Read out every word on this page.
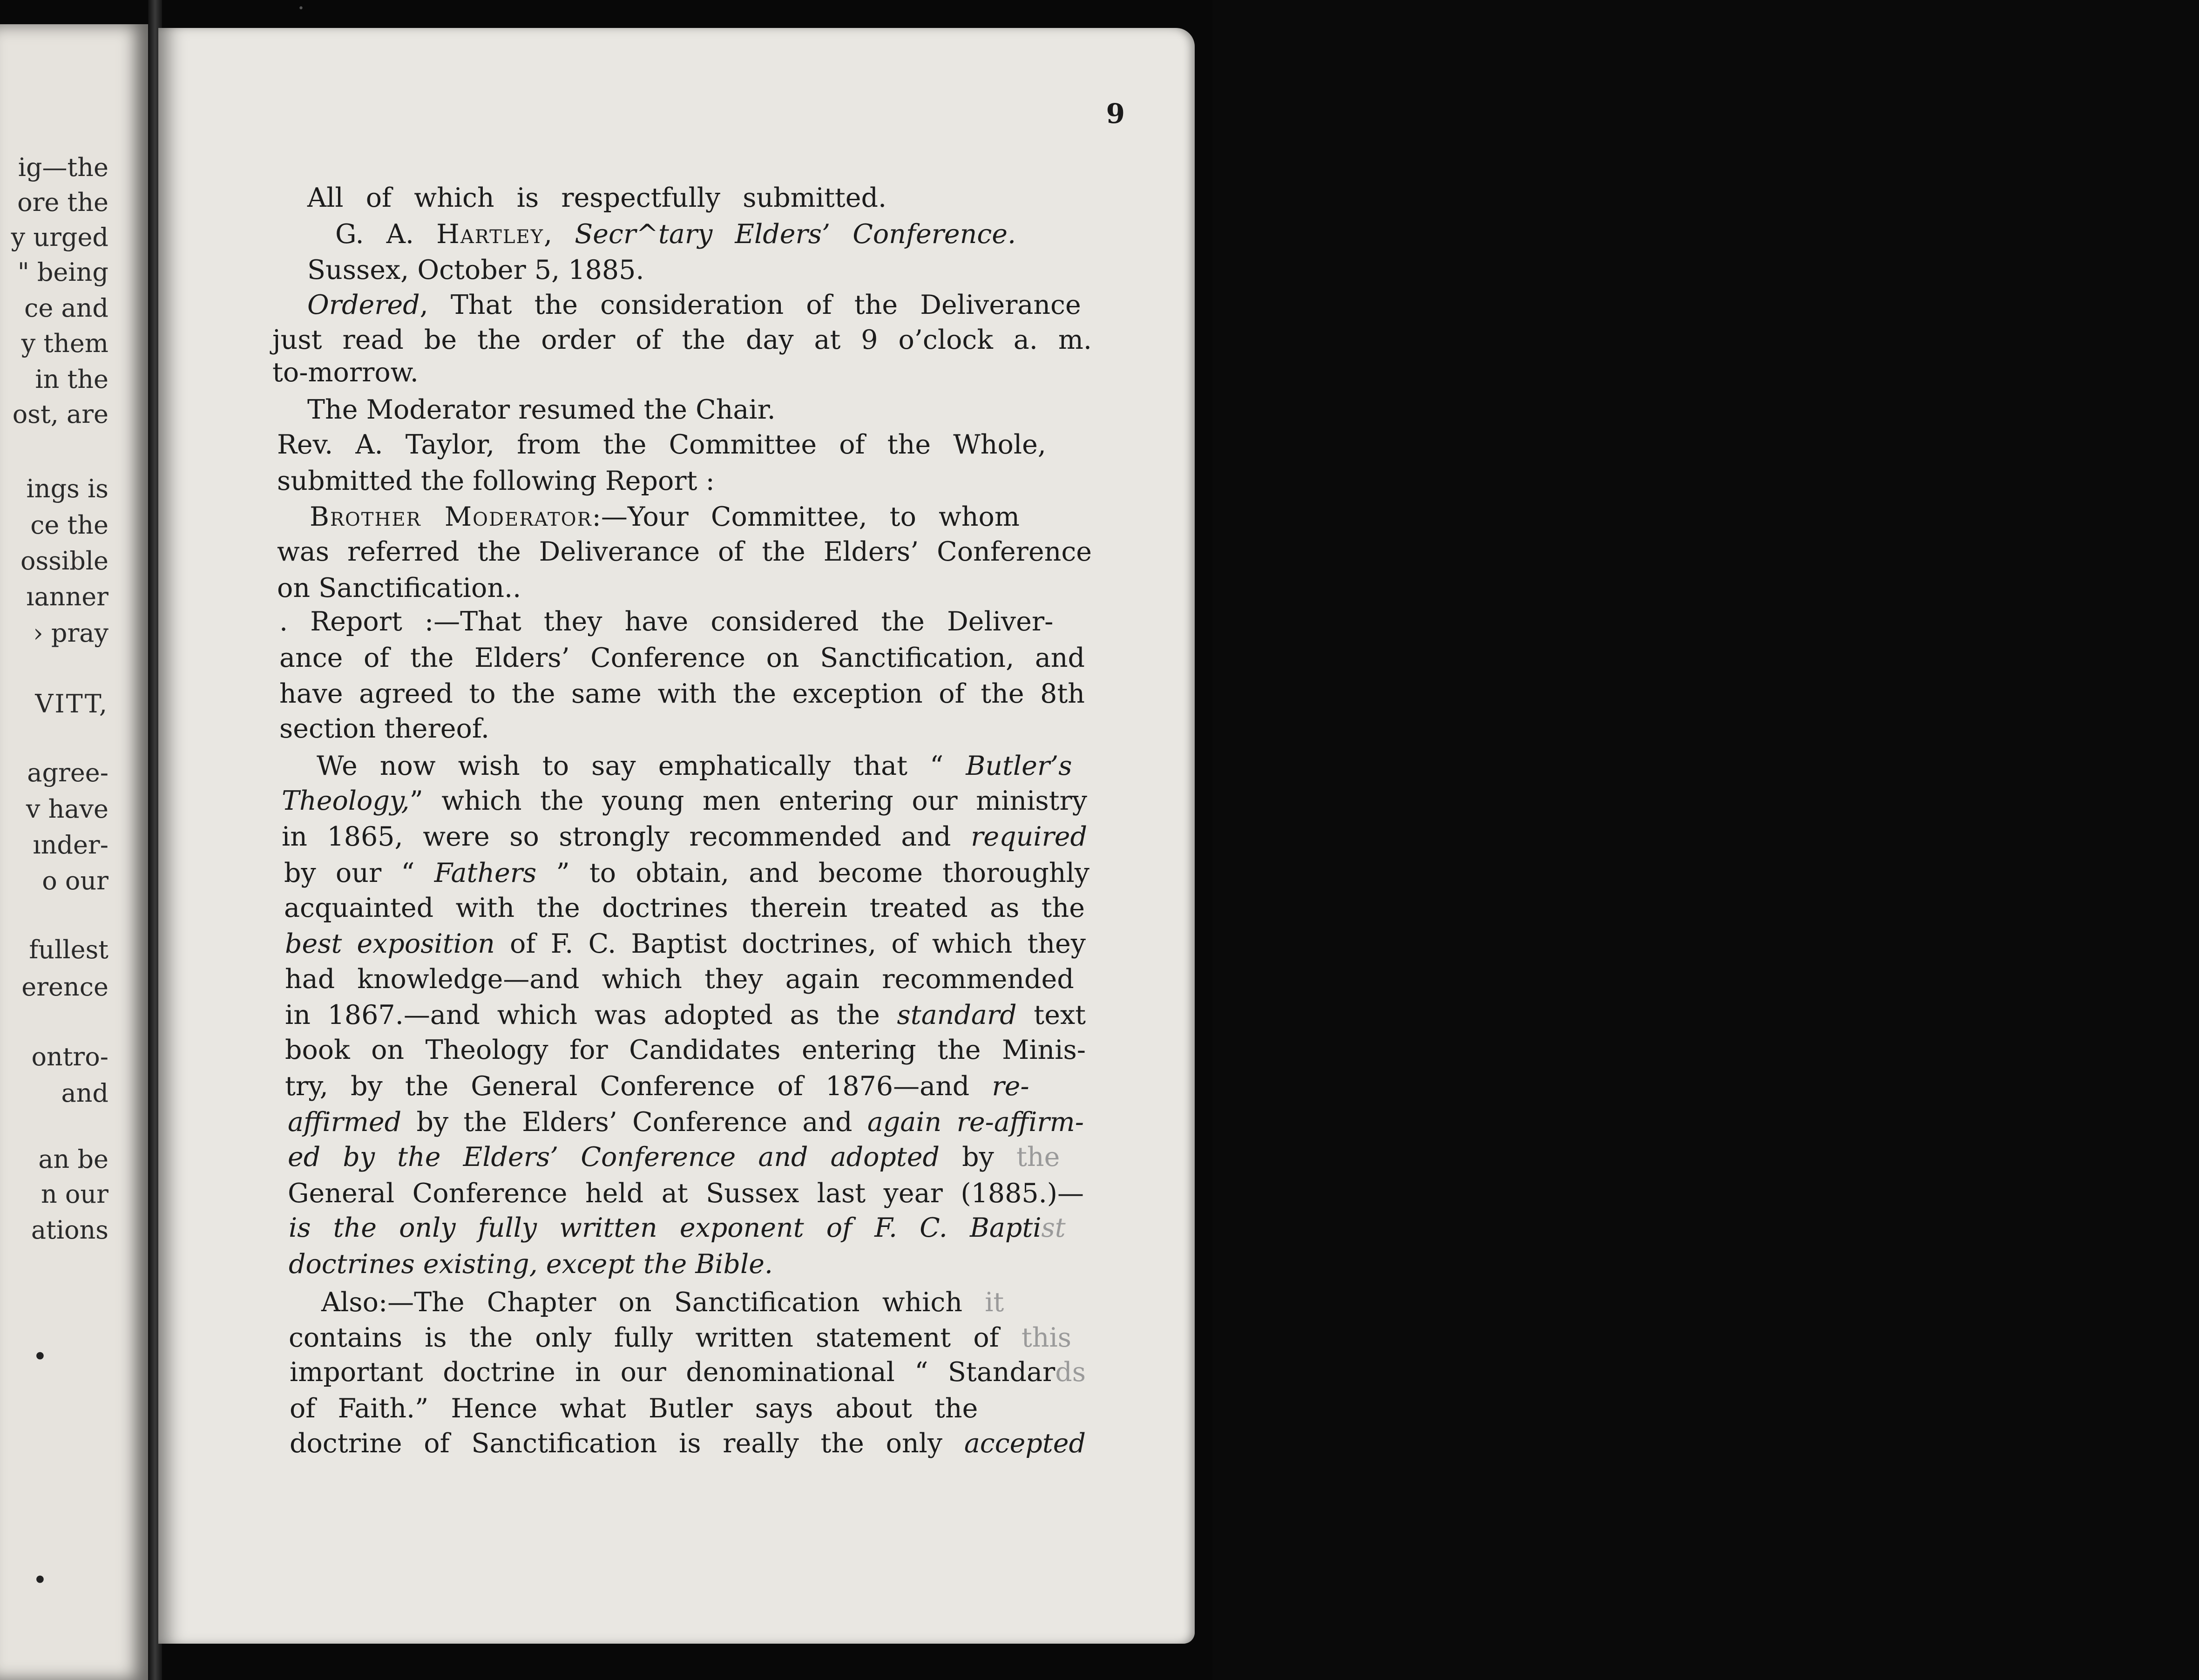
•                                                                                                                                                                                         
ig—the
ore the
y urged
" being
ce and
y them
in the
ost, are
ings is
ce the
ossible
ıanner
› pray
VITT,
agree-
v have
ınder-
o our
fullest
erence
ontro-
and
an be
n our
ations
•
•
9
All of which is respectfully submitted.
G. A. Hartley, Secr^tary Elders’ Conference.
Sussex, October 5, 1885.
Ordered, That the consideration of the Deliverance
just read be the order of the day at 9 o’clock a. m.
to-morrow.
The Moderator resumed the Chair.
Rev. A. Taylor, from the Committee of the Whole,
submitted the following Report :
Brother Moderator:—Your Committee, to whom
was referred the Deliverance of the Elders’ Conference
on Sanctification..
. Report :—That they have considered the Deliver-
ance of the Elders’ Conference on Sanctification, and
have agreed to the same with the exception of the 8th
section thereof.
We now wish to say emphatically that “ Butler’s
Theology,” which the young men entering our ministry
in 1865, were so strongly recommended and required
by our “ Fathers ” to obtain, and become thoroughly
acquainted with the doctrines therein treated as the
best exposition of F. C. Baptist doctrines, of which they
had knowledge—and which they again recommended
in 1867.—and which was adopted as the standard text
book on Theology for Candidates entering the Minis-
try, by the General Conference of 1876—and re-
affirmed by the Elders’ Conference and again re-affirm-
ed by the Elders’ Conference and adopted by the
General Conference held at Sussex last year (1885.)—
is the only fully written exponent of F. C. Baptist
doctrines existing, except the Bible.
Also:—The Chapter on Sanctification which it
contains is the only fully written statement of this
important doctrine in our denominational “ Standards
of Faith.” Hence what Butler says about the
doctrine of Sanctification is really the only accepted
